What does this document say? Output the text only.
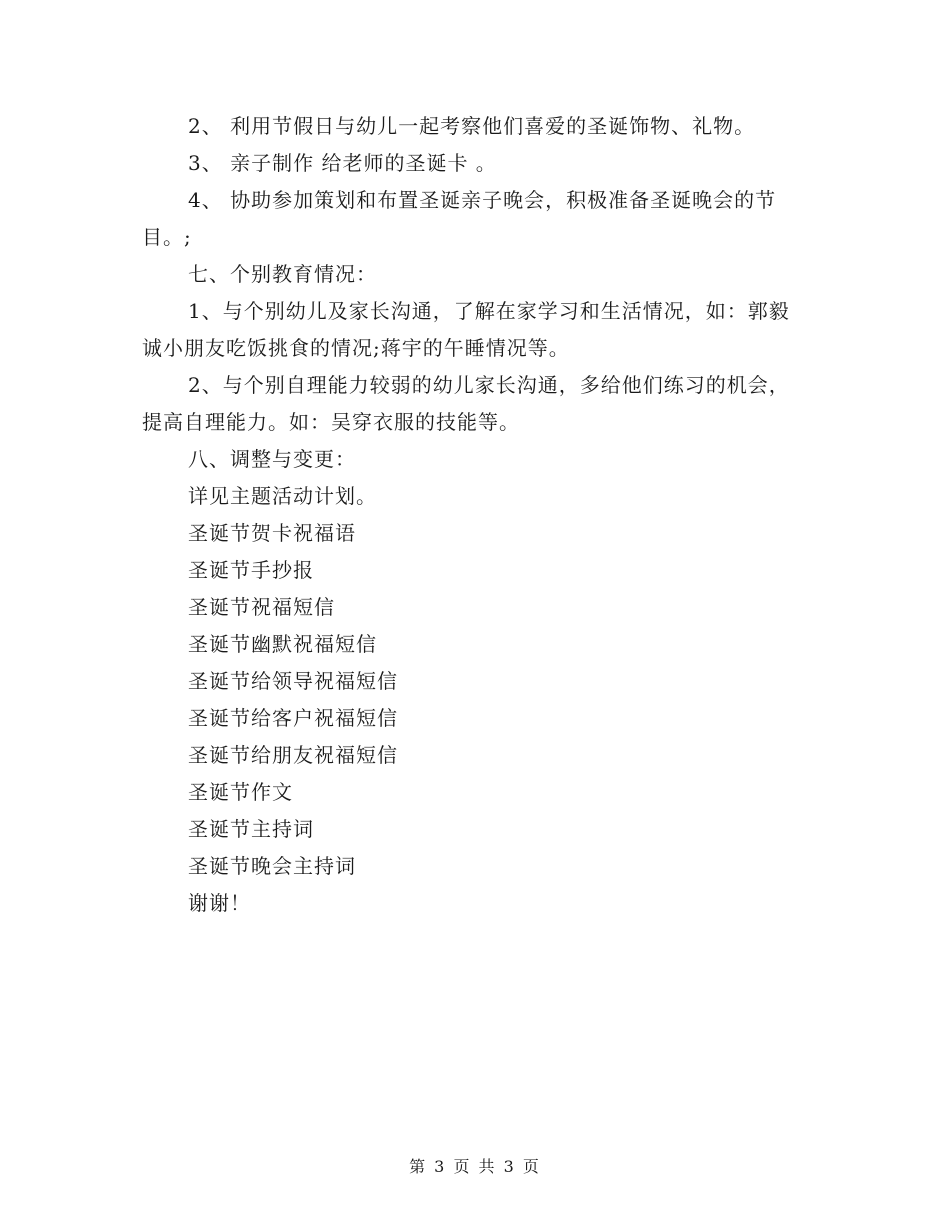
2、 利用节假日与幼儿一起考察他们喜爱的圣诞饰物、礼物。

3、 亲子制作 给老师的圣诞卡 。

4、 协助参加策划和布置圣诞亲子晚会，积极准备圣诞晚会的节目。;

七、个别教育情况：

1、与个别幼儿及家长沟通，了解在家学习和生活情况，如：郭毅诚小朋友吃饭挑食的情况;蒋宇的午睡情况等。

2、与个别自理能力较弱的幼儿家长沟通，多给他们练习的机会，提高自理能力。如：吴穿衣服的技能等。

八、调整与变更：

详见主题活动计划。

圣诞节贺卡祝福语

圣诞节手抄报

圣诞节祝福短信

圣诞节幽默祝福短信

圣诞节给领导祝福短信

圣诞节给客户祝福短信

圣诞节给朋友祝福短信

圣诞节作文

圣诞节主持词

圣诞节晚会主持词

谢谢！

第 3 页 共 3 页
